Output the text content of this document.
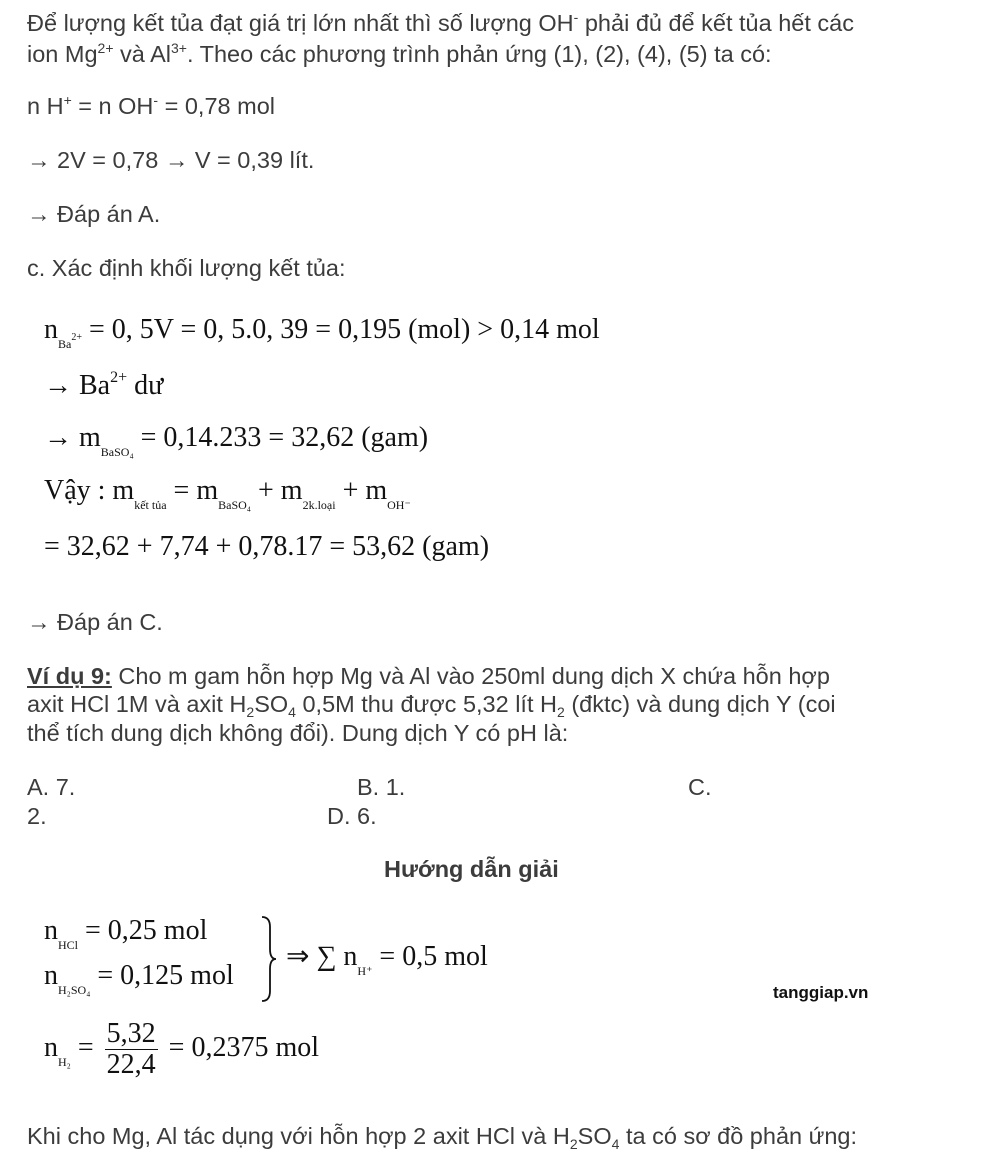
Để lượng kết tủa đạt giá trị lớn nhất thì số lượng OH- phải đủ để kết tủa hết các
ion $Mg^{2+}$ và $Al^{3+}$. Theo các phương trình phản ứng (1), (2), (4), (5) ta có:
n H+ = n OH- = 0,78 mol
→ 2V = 0,78 → V = 0,39 lít.
→ Đáp án A.
c. Xác định khối lượng kết tủa:
$n_{Ba^{2+}} = 0$, 5V = 0, 5.0, 39 = 0,195 (mol) > 0,14 mol
→ $Ba^{2+}$ dư
→ $m_{BaSO_4} = 0,14.233 = 32,62$ (gam)
Vậy : $m_{kết tủa} = m_{BaSO_4} + m_{2k.loại} + m_{OH^-}$
= 32,62 + 7,74 + 0,78.17 = 53,62 (gam)
→ Đáp án C.
Ví dụ 9: Cho m gam hỗn hợp Mg và Al vào 250ml dung dịch X chứa hỗn hợp
axit HCl 1M và axit $H_2SO_4$ 0,5M thu được 5,32 lít $H_2$ (đktc) và dung dịch Y (coi
thể tích dung dịch không đổi). Dung dịch Y có pH là:
A. 7.	B. 1.	C.
2.	D. 6.
Hướng dẫn giải
$n_{HCl} = 0,25$ mol
$n_{H_2SO_4} = 0,125$ mol
⇒ ∑ $n_{H^+} = 0,5$ mol
tanggiap.vn
$n_{H_2} = \frac{5,32}{22,4} = 0,2375$ mol
Khi cho Mg, Al tác dụng với hỗn hợp 2 axit HCl và $H_2SO_4$ ta có sơ đồ phản ứng:
